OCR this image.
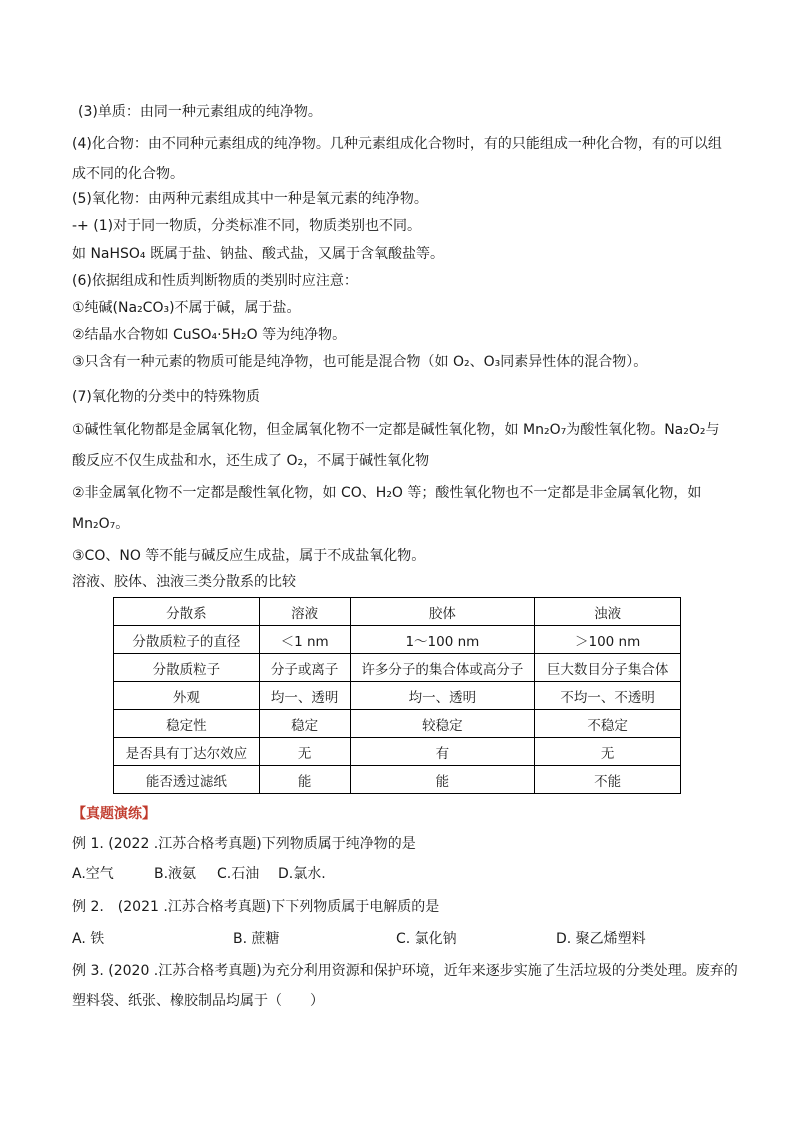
(3)单质：由同一种元素组成的纯净物。
(4)化合物：由不同种元素组成的纯净物。几种元素组成化合物时，有的只能组成一种化合物，有的可以组
成不同的化合物。
(5)氧化物：由两种元素组成其中一种是氧元素的纯净物。
-+ (1)对于同一物质，分类标准不同，物质类别也不同。
如 NaHSO₄ 既属于盐、钠盐、酸式盐，又属于含氧酸盐等。
(6)依据组成和性质判断物质的类别时应注意：
①纯碱(Na₂CO₃)不属于碱，属于盐。
②结晶水合物如 CuSO₄·5H₂O 等为纯净物。
③只含有一种元素的物质可能是纯净物，也可能是混合物（如 O₂、O₃同素异性体的混合物）。
(7)氧化物的分类中的特殊物质
①碱性氧化物都是金属氧化物，但金属氧化物不一定都是碱性氧化物，如 Mn₂O₇为酸性氧化物。Na₂O₂与
酸反应不仅生成盐和水，还生成了 O₂，不属于碱性氧化物
②非金属氧化物不一定都是酸性氧化物，如 CO、H₂O 等；酸性氧化物也不一定都是非金属氧化物，如
Mn₂O₇。
③CO、NO 等不能与碱反应生成盐，属于不成盐氧化物。
溶液、胶体、浊液三类分散系的比较
分散系	溶液	胶体	浊液
分散质粒子的直径	＜1 nm	1～100 nm	＞100 nm
分散质粒子	分子或离子	许多分子的集合体或高分子	巨大数目分子集合体
外观	均一、透明	均一、透明	不均一、不透明
稳定性	稳定	较稳定	不稳定
是否具有丁达尔效应	无	有	无
能否透过滤纸	能	能	不能
【真题演练】
例 1. (2022 .江苏合格考真题)下列物质属于纯净物的是
A.空气	B.液氨 C.石油 D.氯水.
例 2.　(2021 .江苏合格考真题)下下列物质属于电解质的是
A. 铁	B. 蔗糖	C. 氯化钠	D. 聚乙烯塑料
例 3. (2020 .江苏合格考真题)为充分利用资源和保护环境，近年来逐步实施了生活垃圾的分类处理。废弃的
塑料袋、纸张、橡胶制品均属于（　　）
